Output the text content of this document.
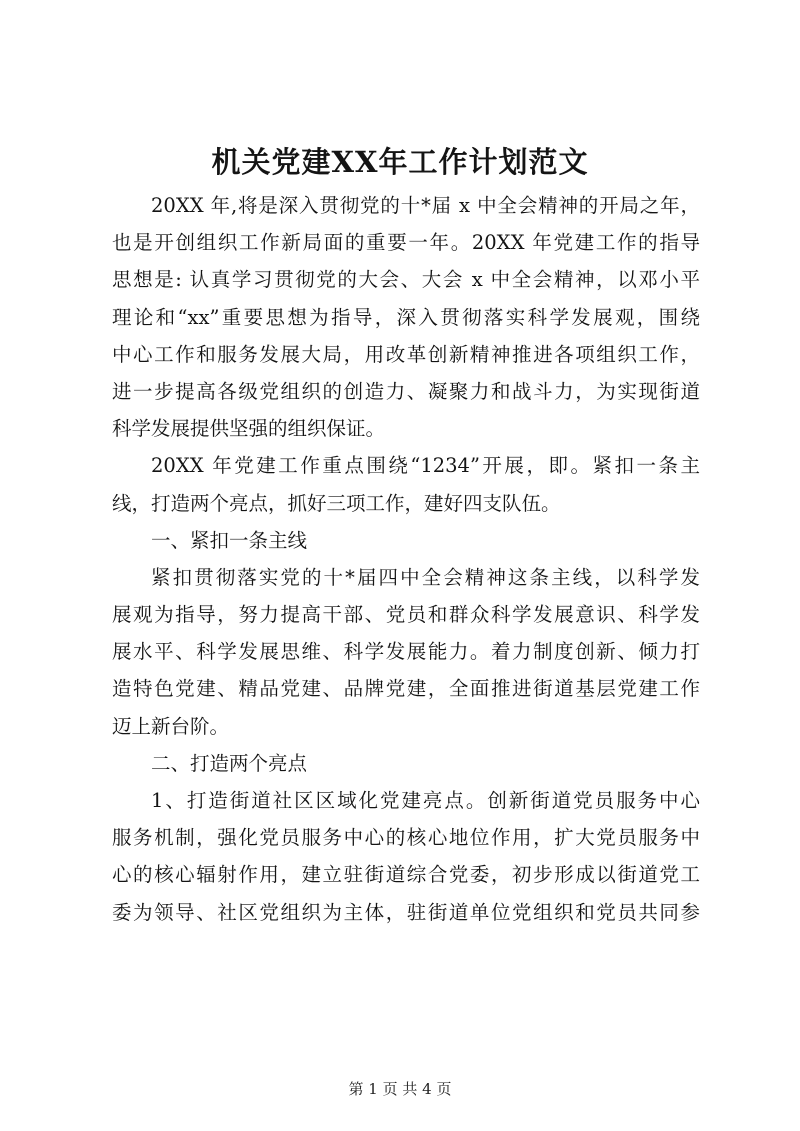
机关党建XX年工作计划范文
20XX 年,将是深入贯彻党的十*届 x 中全会精神的开局之年，
也是开创组织工作新局面的重要一年。20XX 年党建工作的指导
思想是: 认真学习贯彻党的大会、大会 x 中全会精神，以邓小平
理论和“xx”重要思想为指导，深入贯彻落实科学发展观，围绕
中心工作和服务发展大局，用改革创新精神推进各项组织工作，
进一步提高各级党组织的创造力、凝聚力和战斗力，为实现街道
科学发展提供坚强的组织保证。
20XX 年党建工作重点围绕“1234”开展，即。紧扣一条主
线，打造两个亮点，抓好三项工作，建好四支队伍。
一、紧扣一条主线
紧扣贯彻落实党的十*届四中全会精神这条主线，以科学发
展观为指导，努力提高干部、党员和群众科学发展意识、科学发
展水平、科学发展思维、科学发展能力。着力制度创新、倾力打
造特色党建、精品党建、品牌党建，全面推进街道基层党建工作
迈上新台阶。
二、打造两个亮点
1、打造街道社区区域化党建亮点。创新街道党员服务中心
服务机制，强化党员服务中心的核心地位作用，扩大党员服务中
心的核心辐射作用，建立驻街道综合党委，初步形成以街道党工
委为领导、社区党组织为主体，驻街道单位党组织和党员共同参
第 1 页 共 4 页
